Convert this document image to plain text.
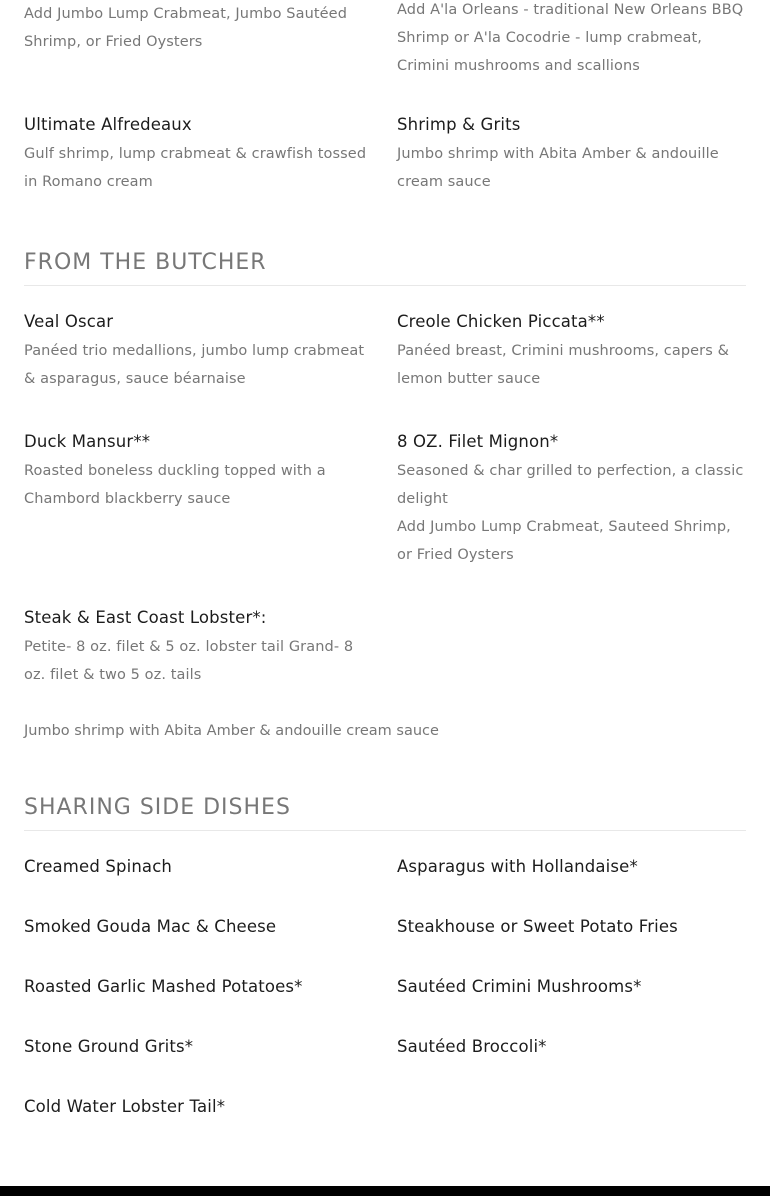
Add Jumbo Lump Crabmeat, Jumbo Sautéed Shrimp, or Fried Oysters
Add A'la Orleans - traditional New Orleans BBQ Shrimp or A'la Cocodrie - lump crabmeat, Crimini mushrooms and scallions
Ultimate Alfredeaux
Gulf shrimp, lump crabmeat & crawfish tossed in Romano cream
Shrimp & Grits
Jumbo shrimp with Abita Amber & andouille cream sauce
FROM THE BUTCHER
Veal Oscar
Panéed trio medallions, jumbo lump crabmeat & asparagus, sauce béarnaise
Creole Chicken Piccata**
Panéed breast, Crimini mushrooms, capers & lemon butter sauce
Duck Mansur**
Roasted boneless duckling topped with a Chambord blackberry sauce
8 OZ. Filet Mignon*
Seasoned & char grilled to perfection, a classic delight
Add Jumbo Lump Crabmeat, Sauteed Shrimp, or Fried Oysters
Steak & East Coast Lobster*:
Petite- 8 oz. filet & 5 oz. lobster tail Grand- 8 oz. filet & two 5 oz. tails
Jumbo shrimp with Abita Amber & andouille cream sauce
SHARING SIDE DISHES
Creamed Spinach	Asparagus with Hollandaise*
Smoked Gouda Mac & Cheese	Steakhouse or Sweet Potato Fries
Roasted Garlic Mashed Potatoes*	Sautéed Crimini Mushrooms*
Stone Ground Grits*	Sautéed Broccoli*
Cold Water Lobster Tail*
